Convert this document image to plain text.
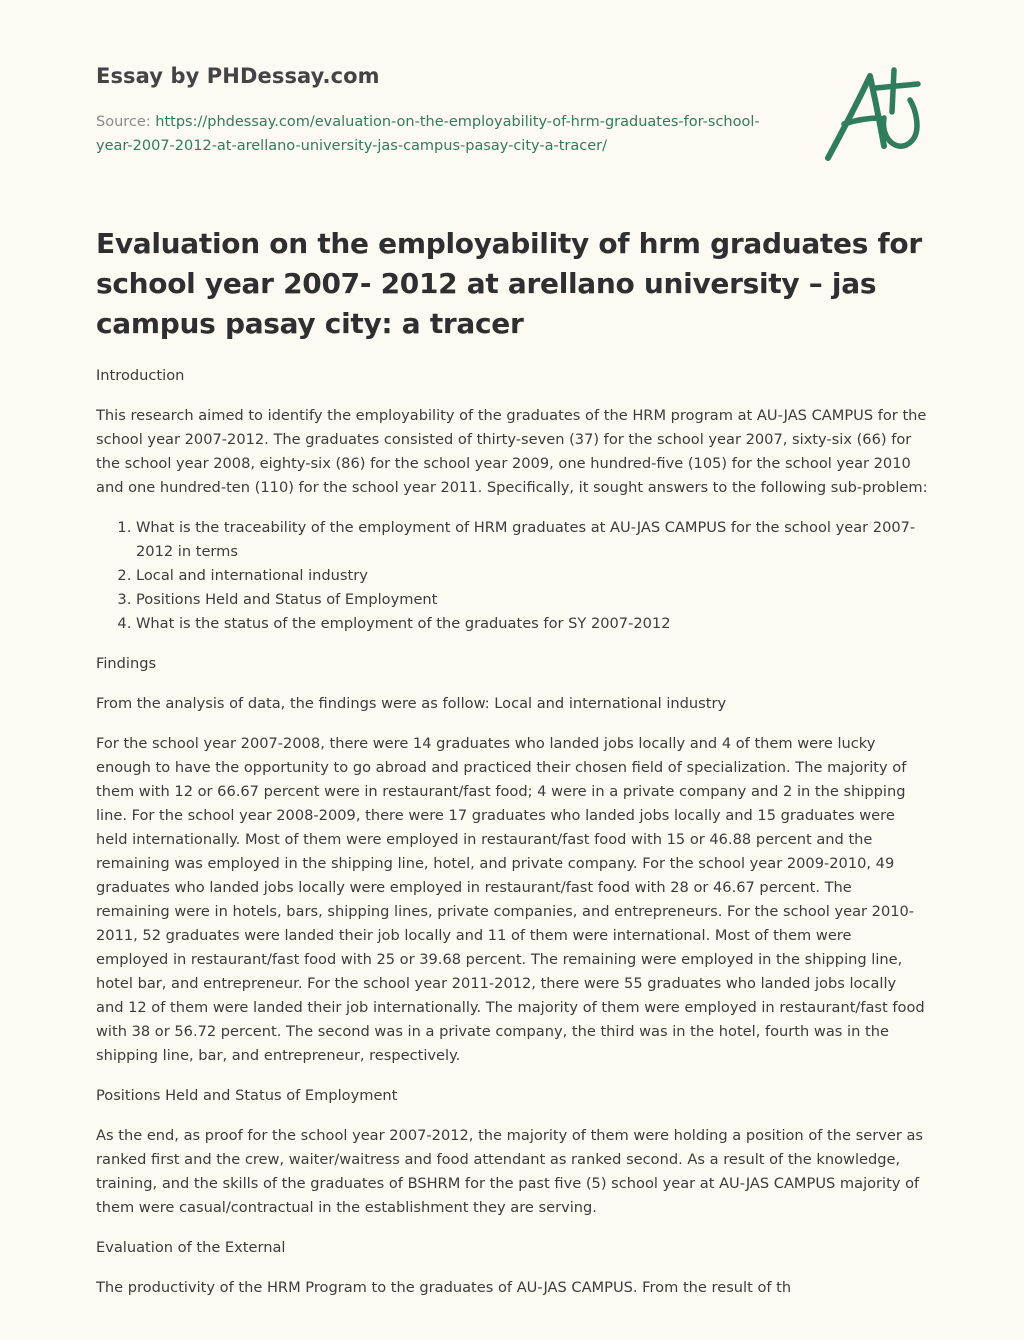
Essay by PHDessay.com
Source: https://phdessay.com/evaluation-on-the-employability-of-hrm-graduates-for-school-year-2007-2012-at-arellano-university-jas-campus-pasay-city-a-tracer/
Evaluation on the employability of hrm graduates for school year 2007- 2012 at arellano university – jas campus pasay city: a tracer

Introduction

This research aimed to identify the employability of the graduates of the HRM program at AU-JAS CAMPUS for the school year 2007-2012. The graduates consisted of thirty-seven (37) for the school year 2007, sixty-six (66) for the school year 2008, eighty-six (86) for the school year 2009, one hundred-five (105) for the school year 2010 and one hundred-ten (110) for the school year 2011. Specifically, it sought answers to the following sub-problem:

1. What is the traceability of the employment of HRM graduates at AU-JAS CAMPUS for the school year 2007-2012 in terms
2. Local and international industry
3. Positions Held and Status of Employment
4. What is the status of the employment of the graduates for SY 2007-2012

Findings

From the analysis of data, the findings were as follow: Local and international industry

For the school year 2007-2008, there were 14 graduates who landed jobs locally and 4 of them were lucky enough to have the opportunity to go abroad and practiced their chosen field of specialization. The majority of them with 12 or 66.67 percent were in restaurant/fast food; 4 were in a private company and 2 in the shipping line. For the school year 2008-2009, there were 17 graduates who landed jobs locally and 15 graduates were held internationally. Most of them were employed in restaurant/fast food with 15 or 46.88 percent and the remaining was employed in the shipping line, hotel, and private company. For the school year 2009-2010, 49 graduates who landed jobs locally were employed in restaurant/fast food with 28 or 46.67 percent. The remaining were in hotels, bars, shipping lines, private companies, and entrepreneurs. For the school year 2010-2011, 52 graduates were landed their job locally and 11 of them were international. Most of them were employed in restaurant/fast food with 25 or 39.68 percent. The remaining were employed in the shipping line, hotel bar, and entrepreneur. For the school year 2011-2012, there were 55 graduates who landed jobs locally and 12 of them were landed their job internationally. The majority of them were employed in restaurant/fast food with 38 or 56.72 percent. The second was in a private company, the third was in the hotel, fourth was in the shipping line, bar, and entrepreneur, respectively.

Positions Held and Status of Employment

As the end, as proof for the school year 2007-2012, the majority of them were holding a position of the server as ranked first and the crew, waiter/waitress and food attendant as ranked second. As a result of the knowledge, training, and the skills of the graduates of BSHRM for the past five (5) school year at AU-JAS CAMPUS majority of them were casual/contractual in the establishment they are serving.

Evaluation of the External

The productivity of the HRM Program to the graduates of AU-JAS CAMPUS. From the result of th
